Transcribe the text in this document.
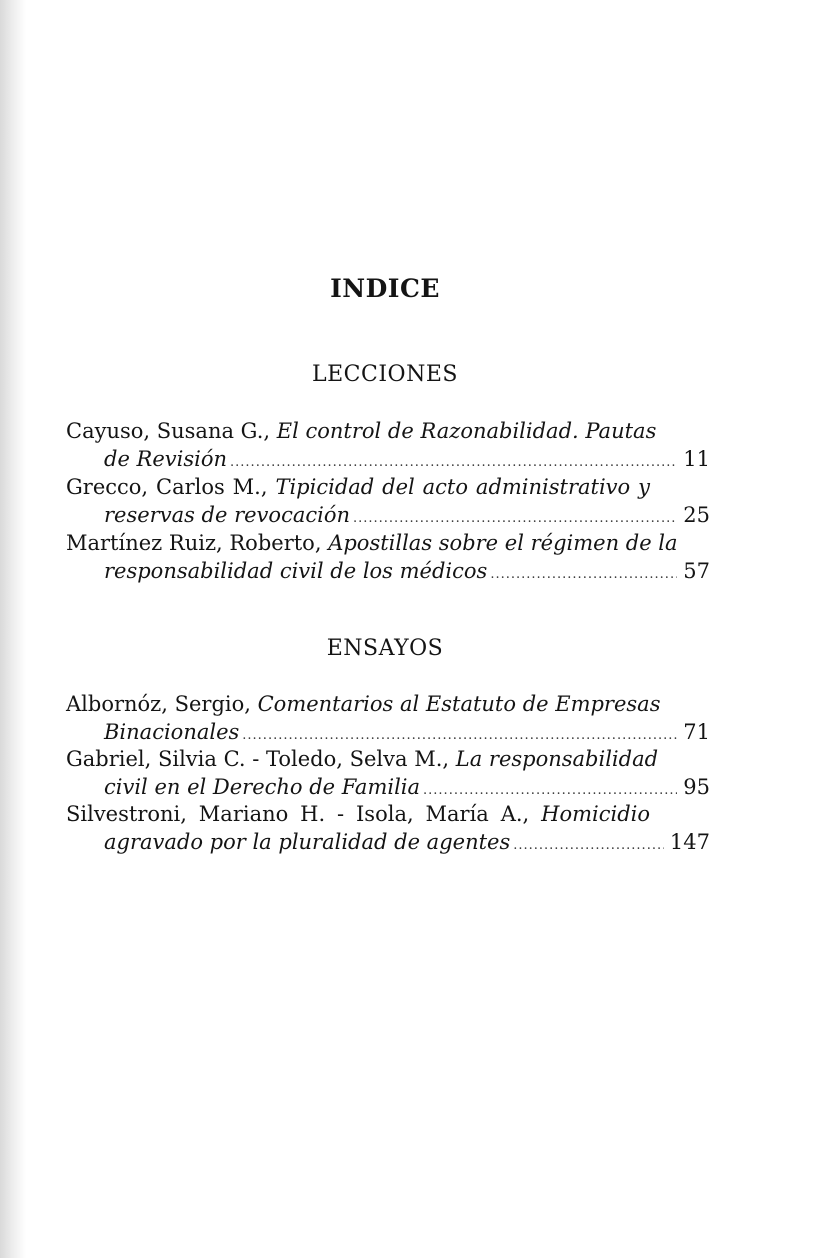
INDICE
LECCIONES
Cayuso, Susana G., El control de Razonabilidad. Pautas
de Revisión .....	11
Grecco, Carlos M., Tipicidad del acto administrativo y
reservas de revocación .....	25
Martínez Ruiz, Roberto, Apostillas sobre el régimen de la
responsabilidad civil de los médicos .....	57
ENSAYOS
Albornóz, Sergio, Comentarios al Estatuto de Empresas
Binacionales .....	71
Gabriel, Silvia C. - Toledo, Selva M., La responsabilidad
civil en el Derecho de Familia .....	95
Silvestroni, Mariano H. - Isola, María A., Homicidio
agravado por la pluralidad de agentes .....	147
